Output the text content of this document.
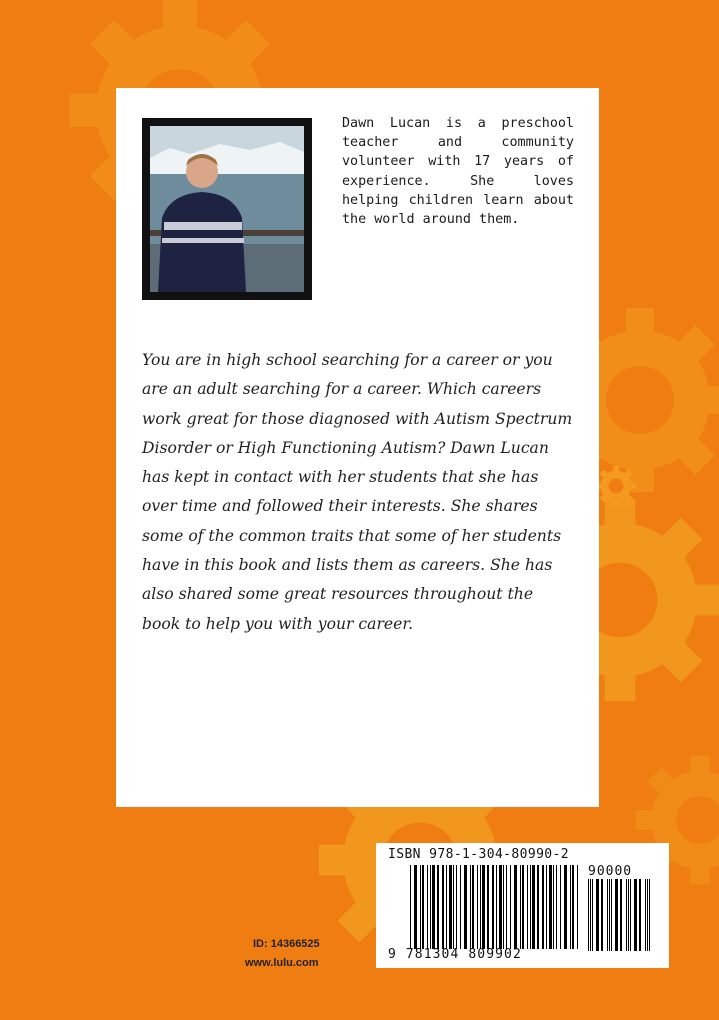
Dawn Lucan is a preschool teacher and community volunteer with 17 years of experience. She loves helping children learn about the world around them.

You are in high school searching for a career or you are an adult searching for a career. Which careers work great for those diagnosed with Autism Spectrum Disorder or High Functioning Autism? Dawn Lucan has kept in contact with her students that she has over time and followed their interests. She shares some of the common traits that some of her students have in this book and lists them as careers. She has also shared some great resources throughout the book to help you with your career.

ISBN 978-1-304-80990-2
9 781304 809902
90000
ID: 14366525
www.lulu.com
